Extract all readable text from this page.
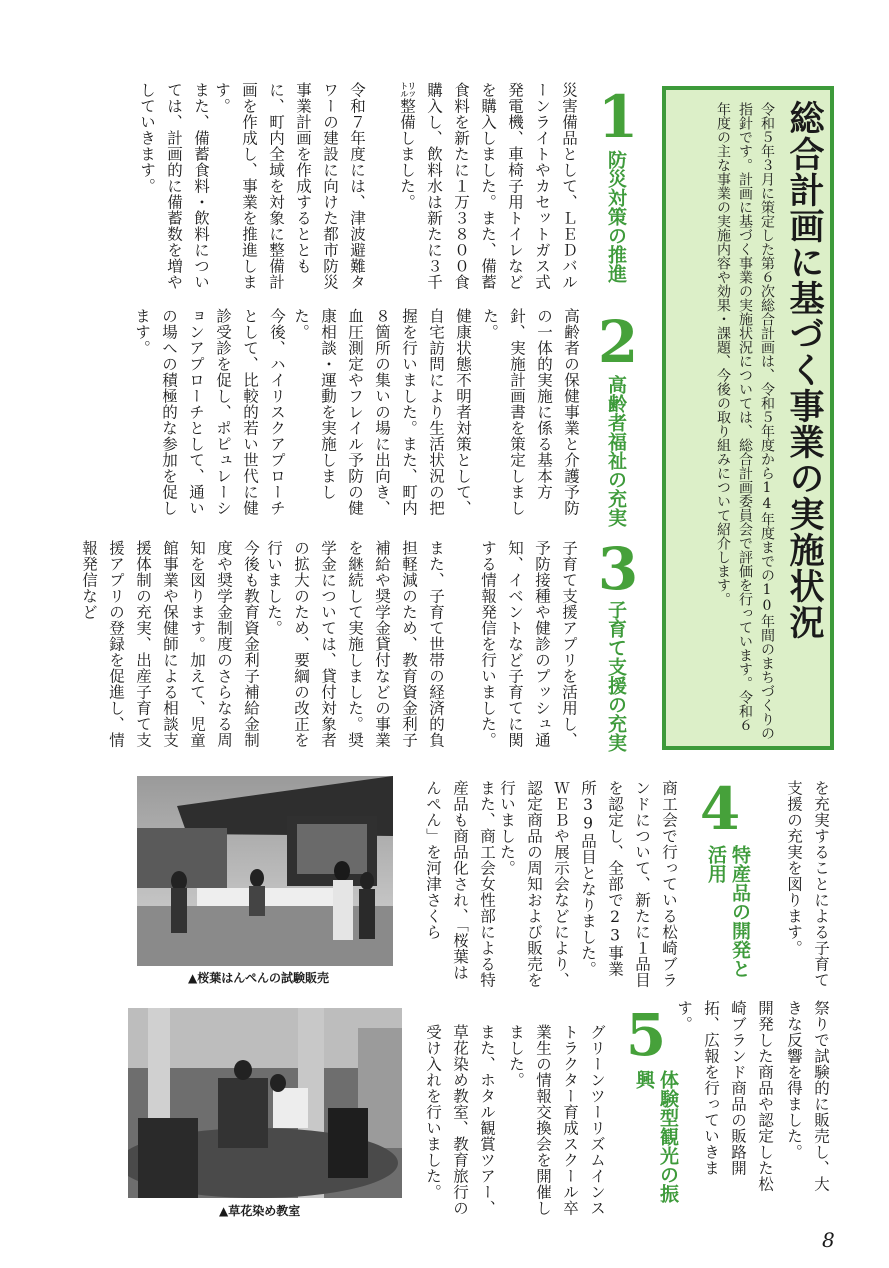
総合計画に基づく事業の実施状況
令和５年３月に策定した第６次総合計画は、令和５年度から14年度までの10年間のまちづくりの指針です。計画に基づく事業の実施状況については、総合計画委員会で評価を行っています。令和６年度の主な事業の実施内容や効果・課題、今後の取り組みについて紹介します。
1
防災対策の推進
災害備品として、ＬＥＤバルーンライトやカセットガス式発電機、車椅子用トイレなどを購入しました。また、備蓄食料を新たに１万３８００食購入し、飲料水は新たに３千㍑整備しました。
令和７年度には、津波避難タワーの建設に向けた都市防災事業計画を作成するとともに、町内全域を対象に整備計画を作成し、事業を推進します。
また、備蓄食料・飲料については、計画的に備蓄数を増やしていきます。
2
高齢者福祉の充実
高齢者の保健事業と介護予防の一体的実施に係る基本方針、実施計画書を策定しました。
健康状態不明者対策として、自宅訪問により生活状況の把握を行いました。また、町内８箇所の集いの場に出向き、血圧測定やフレイル予防の健康相談・運動を実施しました。
今後、ハイリスクアプローチとして、比較的若い世代に健診受診を促し、ポピュレーションアプローチとして、通いの場への積極的な参加を促します。
3
子育て支援の充実
子育て支援アプリを活用し、予防接種や健診のプッシュ通知、イベントなど子育てに関する情報発信を行いました。
また、子育て世帯の経済的負担軽減のため、教育資金利子補給や奨学金貸付などの事業を継続して実施しました。奨学金については、貸付対象者の拡大のため、要綱の改正を行いました。
今後も教育資金利子補給金制度や奨学金制度のさらなる周知を図ります。加えて、児童館事業や保健師による相談支援体制の充実、出産子育て支援アプリの登録を促進し、情報発信など
を充実することによる子育て支援の充実を図ります。
4
特産品の開発と活用
商工会で行っている松崎ブランドについて、新たに１品目を認定し、全部で23事業所39品目となりました。ＷＥＢや展示会などにより、認定商品の周知および販売を行いました。
また、商工会女性部による特産品も商品化され、「桜葉はんぺん」を河津さくら
祭りで試験的に販売し、大きな反響を得ました。
開発した商品や認定した松崎ブランド商品の販路開拓、広報を行っていきます。
5
体験型観光の振興
グリーンツーリズムインストラクター育成スクール卒業生の情報交換会を開催しました。
また、ホタル観賞ツアー、草花染め教室、教育旅行の受け入れを行いました。
▲桜葉はんぺんの試験販売
▲草花染め教室
8
